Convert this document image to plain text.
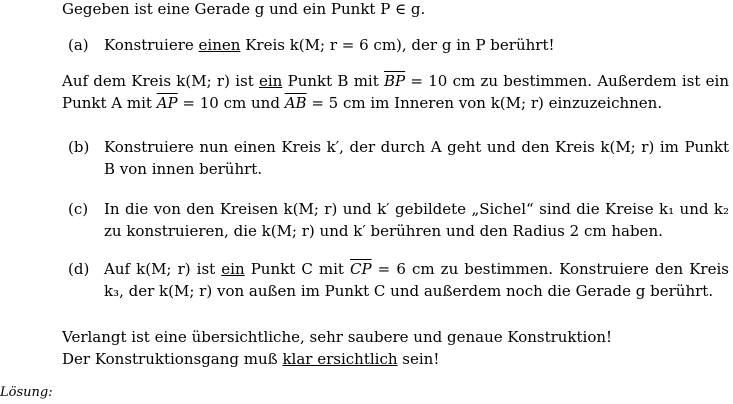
Gegeben ist eine Gerade g und ein Punkt P ∈ g.

(a)	Konstruiere einen Kreis k(M; r = 6 cm), der g in P berührt!

Auf dem Kreis k(M; r) ist ein Punkt B mit $\overline{BP} = 10$ cm zu bestimmen. Außerdem ist ein Punkt A mit $\overline{AP} = 10$ cm und $\overline{AB} = 5$ cm im Inneren von k(M; r) einzuzeichnen.

(b) Konstruiere nun einen Kreis k′, der durch A geht und den Kreis k(M; r) im Punkt B von innen berührt.
(c)	In die von den Kreisen k(M; r) und k′ gebildete „Sichel“ sind die Kreise k₁ und k₂ zu konstruieren, die k(M; r) und k′ berühren und den Radius 2 cm haben.
(d) Auf k(M; r) ist ein Punkt C mit $\overline{CP} = 6$ cm zu bestimmen. Konstruiere den Kreis k₃, der k(M; r) von außen im Punkt C und außerdem noch die Gerade g berührt.

Verlangt ist eine übersichtliche, sehr saubere und genaue Konstruktion!

Der Konstruktionsgang muß klar ersichtlich sein!

Lösung:
